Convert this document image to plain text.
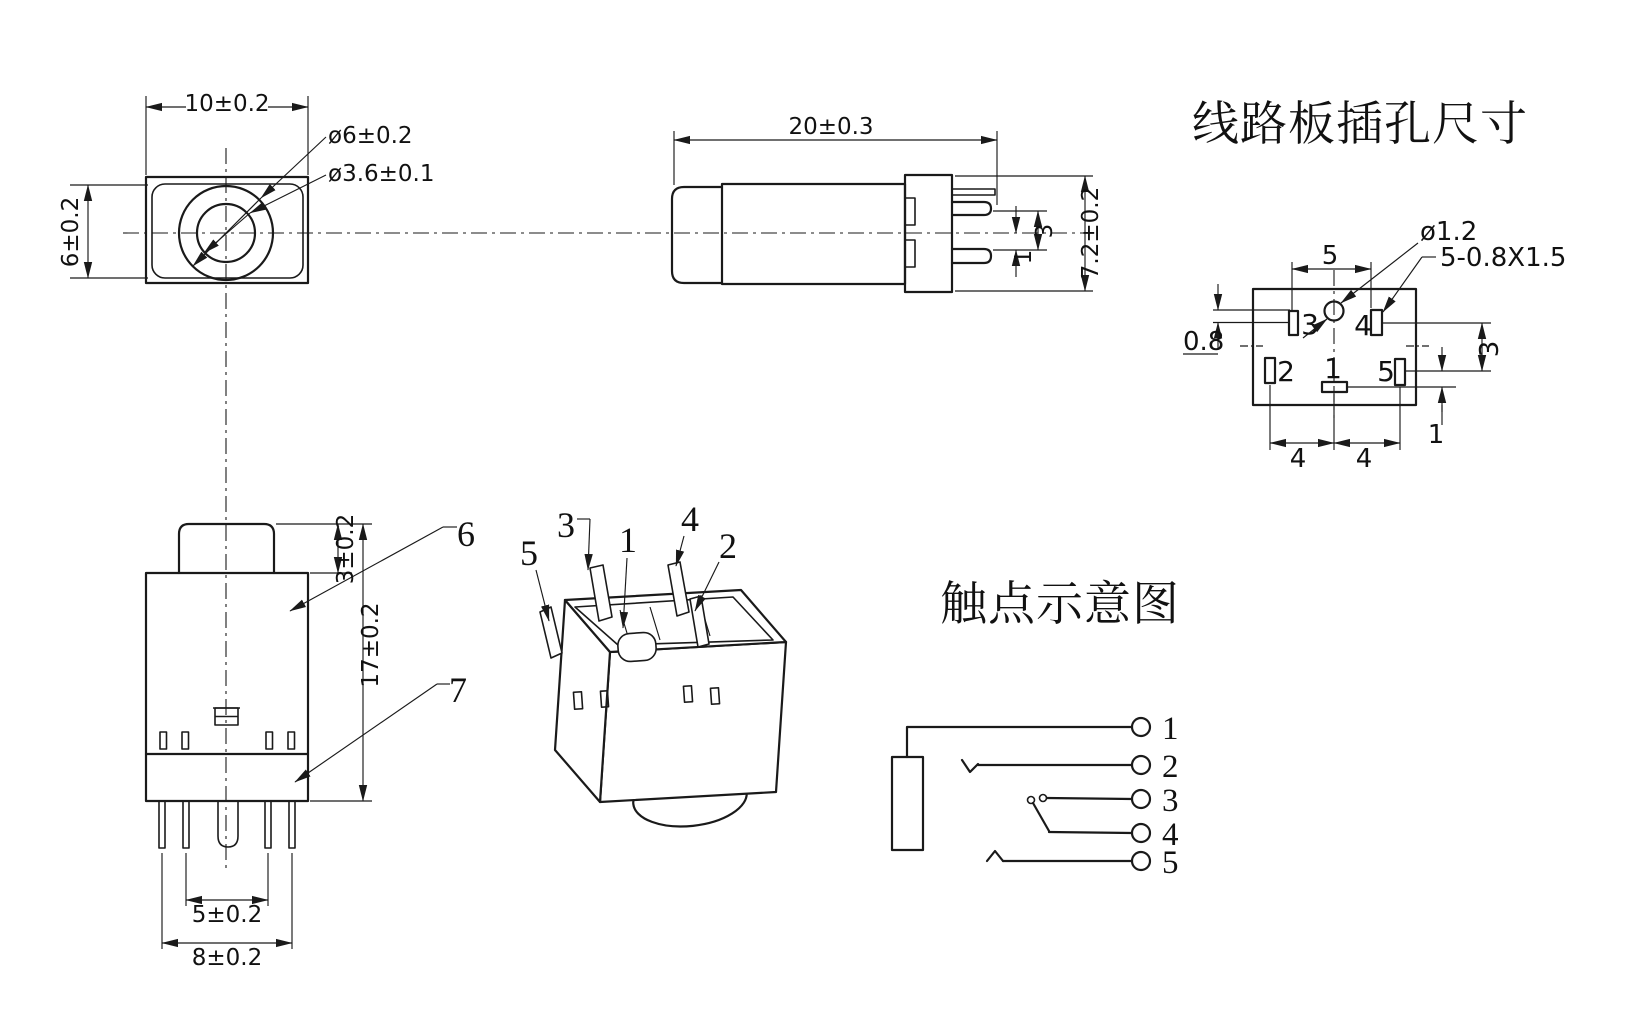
10±0.2
6±0.2
ø6±0.2
ø3.6±0.1
20±0.3
7.2±0.2
3
1
6
7
3±0.2
17±0.2
5±0.2
8±0.2
5
3 1
4
2
线路板插孔尺寸
3 4
2 1 5
5
ø1.2
5-0.8X1.5
0.8	3
1
4 4
触点示意图
1
2
3
4
5
